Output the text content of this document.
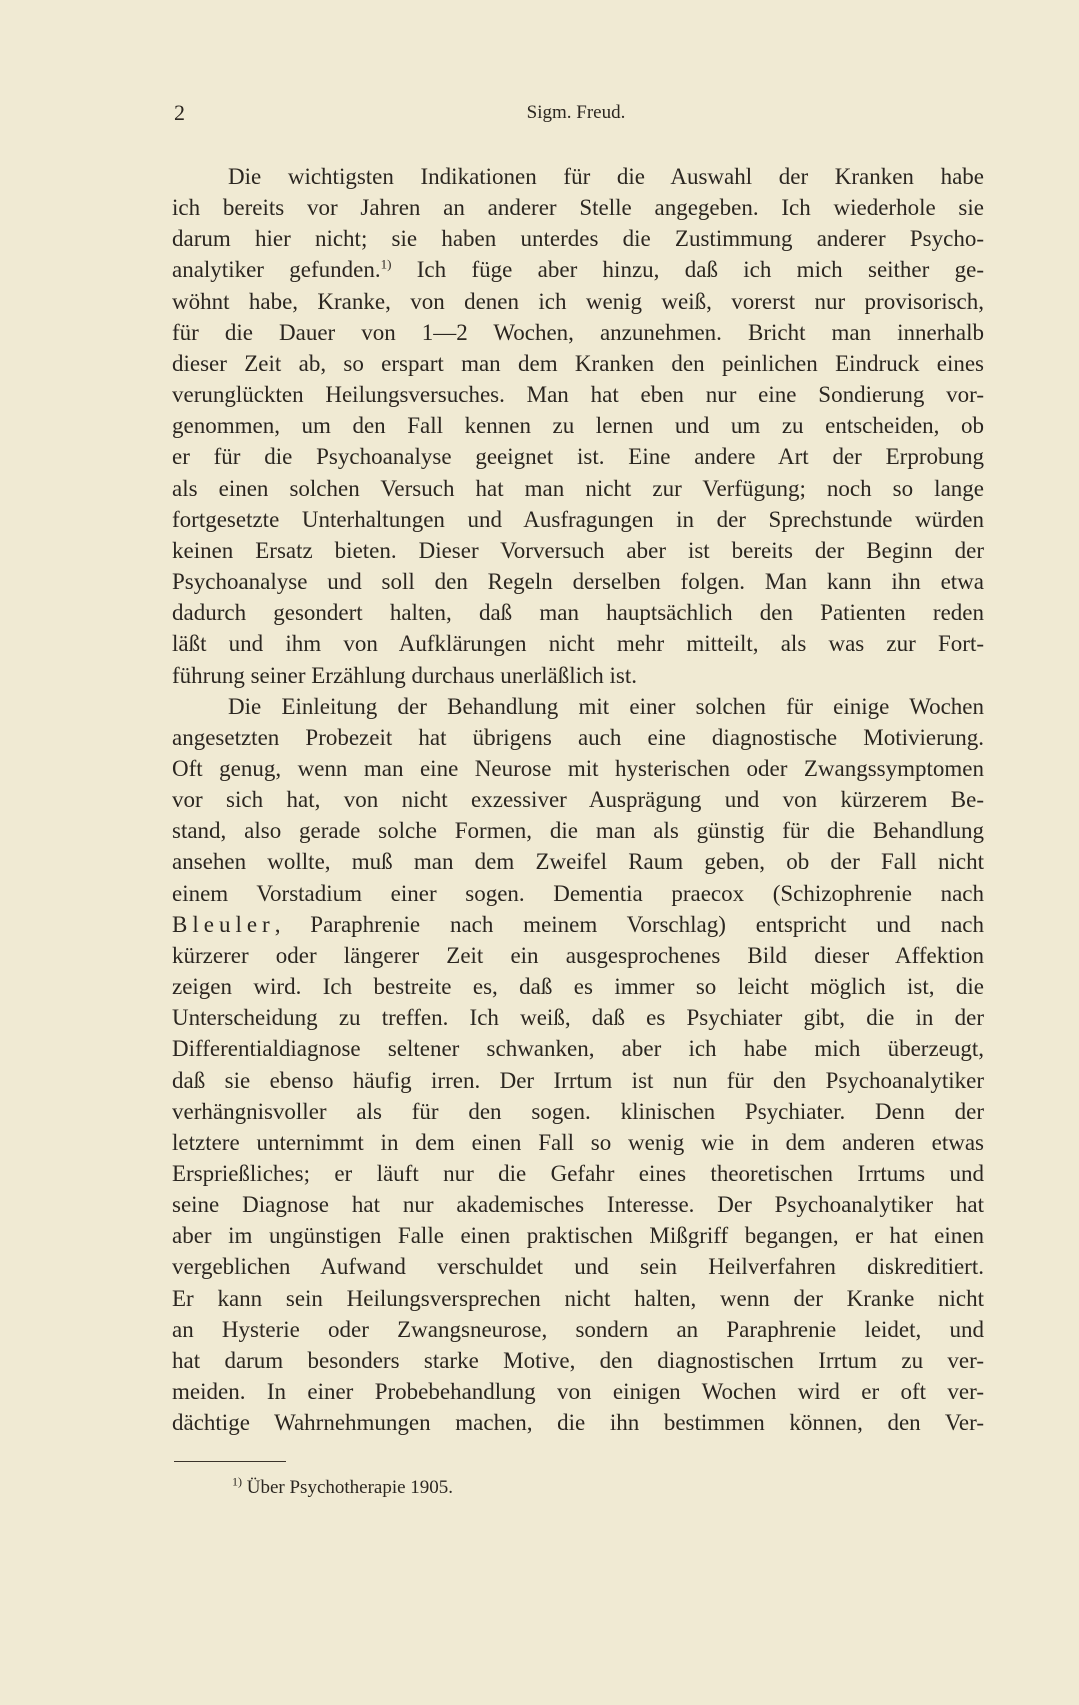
2	Sigm. Freud.
Die wichtigsten Indikationen für die Auswahl der Kranken habe
ich bereits vor Jahren an anderer Stelle angegeben. Ich wiederhole sie
darum hier nicht; sie haben unterdes die Zustimmung anderer Psycho-
analytiker gefunden.$^{1)}$ Ich füge aber hinzu, daß ich mich seither ge-
wöhnt habe, Kranke, von denen ich wenig weiß, vorerst nur provisorisch,
für die Dauer von 1—2 Wochen, anzunehmen. Bricht man innerhalb
dieser Zeit ab, so erspart man dem Kranken den peinlichen Eindruck eines
verunglückten Heilungsversuches. Man hat eben nur eine Sondierung vor-
genommen, um den Fall kennen zu lernen und um zu entscheiden, ob
er für die Psychoanalyse geeignet ist. Eine andere Art der Erprobung
als einen solchen Versuch hat man nicht zur Verfügung; noch so lange
fortgesetzte Unterhaltungen und Ausfragungen in der Sprechstunde würden
keinen Ersatz bieten. Dieser Vorversuch aber ist bereits der Beginn der
Psychoanalyse und soll den Regeln derselben folgen. Man kann ihn etwa
dadurch gesondert halten, daß man hauptsächlich den Patienten reden
läßt und ihm von Aufklärungen nicht mehr mitteilt, als was zur Fort-
führung seiner Erzählung durchaus unerläßlich ist.
Die Einleitung der Behandlung mit einer solchen für einige Wochen
angesetzten Probezeit hat übrigens auch eine diagnostische Motivierung.
Oft genug, wenn man eine Neurose mit hysterischen oder Zwangssymptomen
vor sich hat, von nicht exzessiver Ausprägung und von kürzerem Be-
stand, also gerade solche Formen, die man als günstig für die Behandlung
ansehen wollte, muß man dem Zweifel Raum geben, ob der Fall nicht
einem Vorstadium einer sogen. Dementia praecox (Schizophrenie nach
Bleuler, Paraphrenie nach meinem Vorschlag) entspricht und nach
kürzerer oder längerer Zeit ein ausgesprochenes Bild dieser Affektion
zeigen wird. Ich bestreite es, daß es immer so leicht möglich ist, die
Unterscheidung zu treffen. Ich weiß, daß es Psychiater gibt, die in der
Differentialdiagnose seltener schwanken, aber ich habe mich überzeugt,
daß sie ebenso häufig irren. Der Irrtum ist nun für den Psychoanalytiker
verhängnisvoller als für den sogen. klinischen Psychiater. Denn der
letztere unternimmt in dem einen Fall so wenig wie in dem anderen etwas
Ersprießliches; er läuft nur die Gefahr eines theoretischen Irrtums und
seine Diagnose hat nur akademisches Interesse. Der Psychoanalytiker hat
aber im ungünstigen Falle einen praktischen Mißgriff begangen, er hat einen
vergeblichen Aufwand verschuldet und sein Heilverfahren diskreditiert.
Er kann sein Heilungsversprechen nicht halten, wenn der Kranke nicht
an Hysterie oder Zwangsneurose, sondern an Paraphrenie leidet, und
hat darum besonders starke Motive, den diagnostischen Irrtum zu ver-
meiden. In einer Probebehandlung von einigen Wochen wird er oft ver-
dächtige Wahrnehmungen machen, die ihn bestimmen können, den Ver-
$^{1)}$ Über Psychotherapie 1905.
